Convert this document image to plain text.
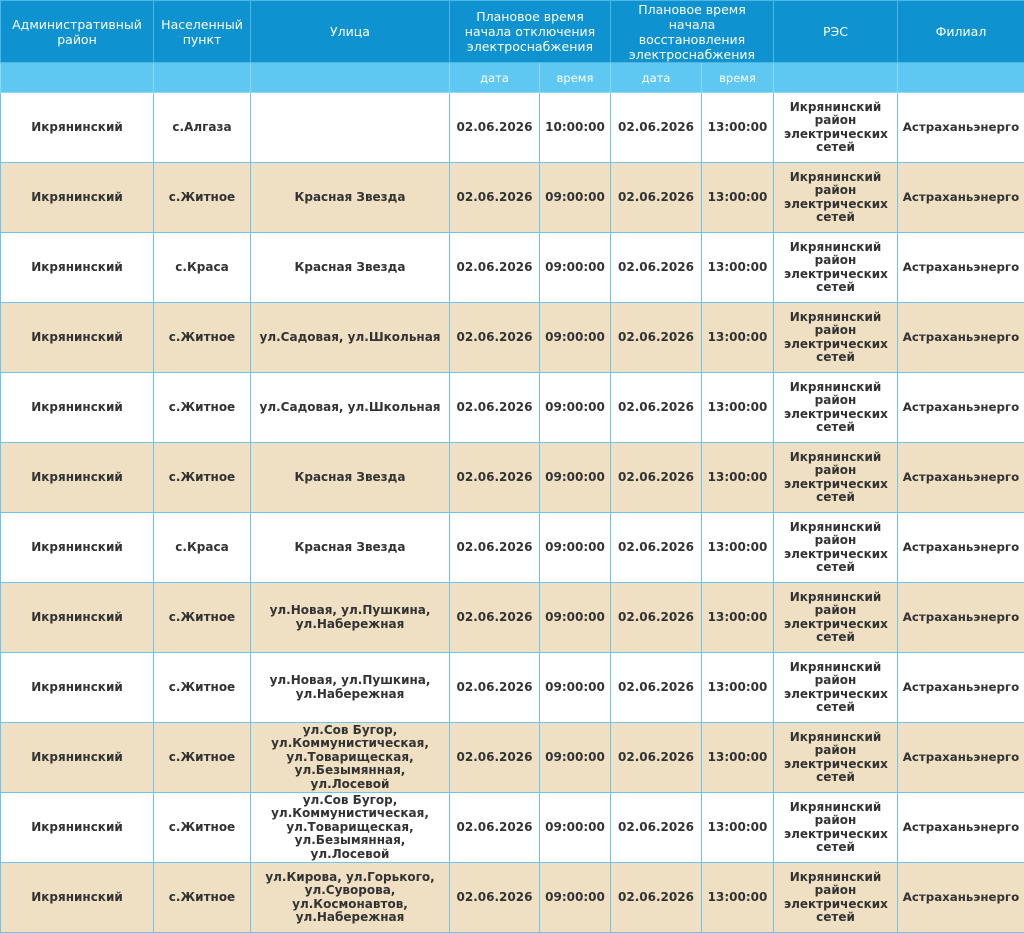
Административный район	Населенный пункт	Улица	Плановое время начала отключения электроснабжения		Плановое время начала восстановления электроснабжения		РЭС	Филиал
			дата	время	дата	время		
Икрянинский	с.Алгаза		02.06.2026	10:00:00	02.06.2026	13:00:00	Икрянинский район электрических сетей	Астраханьэнерго
Икрянинский	с.Житное	Красная Звезда	02.06.2026	09:00:00	02.06.2026	13:00:00	Икрянинский район электрических сетей	Астраханьэнерго
Икрянинский	с.Краса	Красная Звезда	02.06.2026	09:00:00	02.06.2026	13:00:00	Икрянинский район электрических сетей	Астраханьэнерго
Икрянинский	с.Житное	ул.Садовая, ул.Школьная	02.06.2026	09:00:00	02.06.2026	13:00:00	Икрянинский район электрических сетей	Астраханьэнерго
Икрянинский	с.Житное	ул.Садовая, ул.Школьная	02.06.2026	09:00:00	02.06.2026	13:00:00	Икрянинский район электрических сетей	Астраханьэнерго
Икрянинский	с.Житное	Красная Звезда	02.06.2026	09:00:00	02.06.2026	13:00:00	Икрянинский район электрических сетей	Астраханьэнерго
Икрянинский	с.Краса	Красная Звезда	02.06.2026	09:00:00	02.06.2026	13:00:00	Икрянинский район электрических сетей	Астраханьэнерго
Икрянинский	с.Житное	ул.Новая, ул.Пушкина, ул.Набережная	02.06.2026	09:00:00	02.06.2026	13:00:00	Икрянинский район электрических сетей	Астраханьэнерго
Икрянинский	с.Житное	ул.Новая, ул.Пушкина, ул.Набережная	02.06.2026	09:00:00	02.06.2026	13:00:00	Икрянинский район электрических сетей	Астраханьэнерго
Икрянинский	с.Житное	ул.Сов Бугор, ул.Коммунистическая, ул.Товарищеская, ул.Безымянная, ул.Лосевой	02.06.2026	09:00:00	02.06.2026	13:00:00	Икрянинский район электрических сетей	Астраханьэнерго
Икрянинский	с.Житное	ул.Сов Бугор, ул.Коммунистическая, ул.Товарищеская, ул.Безымянная, ул.Лосевой	02.06.2026	09:00:00	02.06.2026	13:00:00	Икрянинский район электрических сетей	Астраханьэнерго
Икрянинский	с.Житное	ул.Кирова, ул.Горького, ул.Суворова, ул.Космонавтов, ул.Набережная	02.06.2026	09:00:00	02.06.2026	13:00:00	Икрянинский район электрических сетей	Астраханьэнерго
